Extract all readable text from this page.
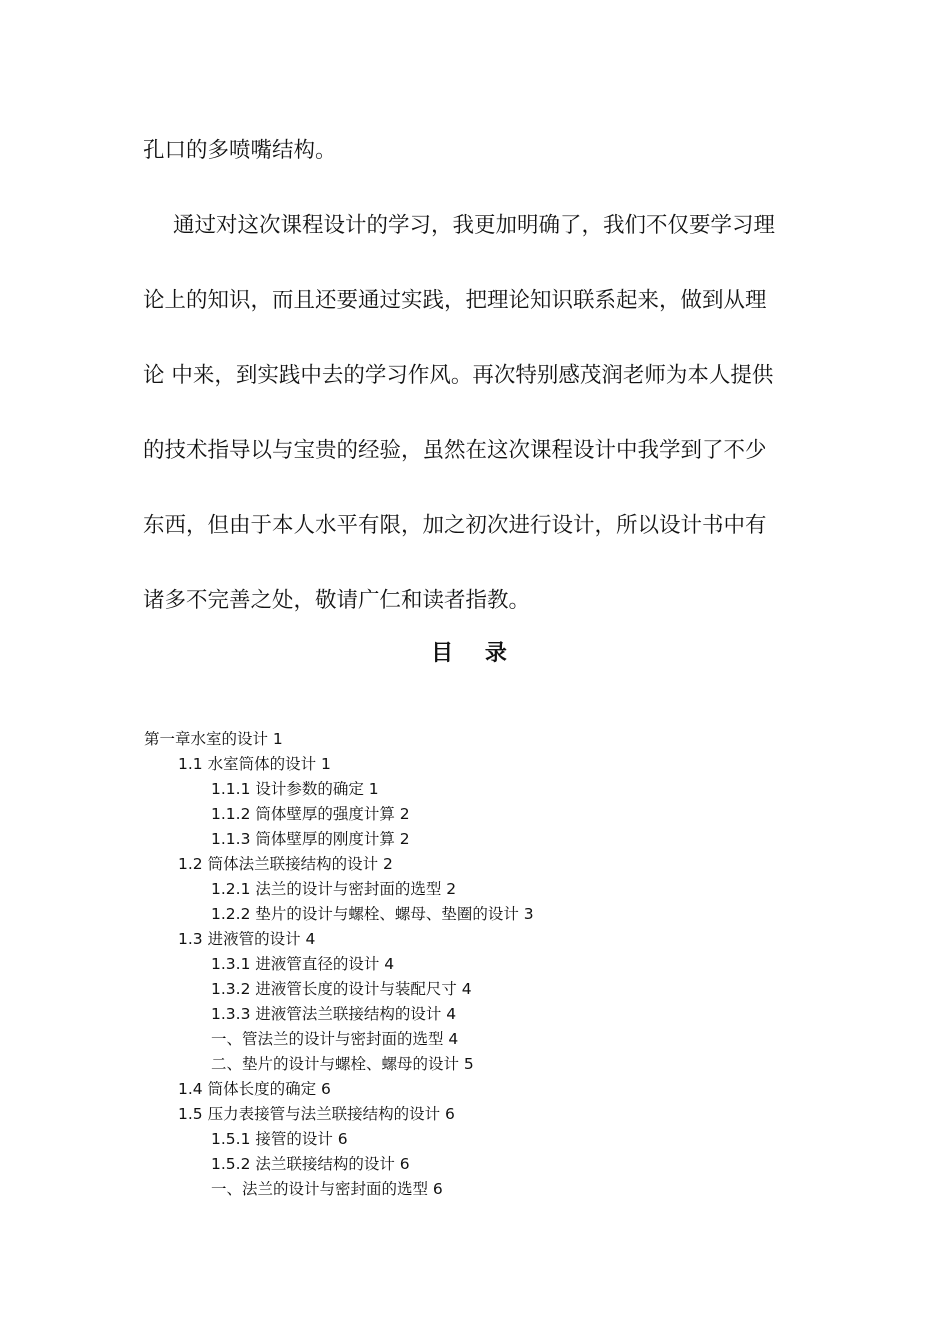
孔口的多喷嘴结构。
通过对这次课程设计的学习，我更加明确了，我们不仅要学习理
论上的知识，而且还要通过实践，把理论知识联系起来，做到从理
论 中来，到实践中去的学习作风。再次特别感茂润老师为本人提供
的技术指导以与宝贵的经验，虽然在这次课程设计中我学到了不少
东西，但由于本人水平有限，加之初次进行设计，所以设计书中有
诸多不完善之处，敬请广仁和读者指教。
目 录
第一章水室的设计 1
1.1 水室筒体的设计 1
1.1.1 设计参数的确定 1
1.1.2 筒体壁厚的强度计算 2
1.1.3 筒体壁厚的刚度计算 2
1.2 筒体法兰联接结构的设计 2
1.2.1 法兰的设计与密封面的选型 2
1.2.2 垫片的设计与螺栓、螺母、垫圈的设计 3
1.3 进液管的设计 4
1.3.1 进液管直径的设计 4
1.3.2 进液管长度的设计与装配尺寸 4
1.3.3 进液管法兰联接结构的设计 4
一、管法兰的设计与密封面的选型 4
二、垫片的设计与螺栓、螺母的设计 5
1.4 筒体长度的确定 6
1.5 压力表接管与法兰联接结构的设计 6
1.5.1 接管的设计 6
1.5.2 法兰联接结构的设计 6
一、法兰的设计与密封面的选型 6
